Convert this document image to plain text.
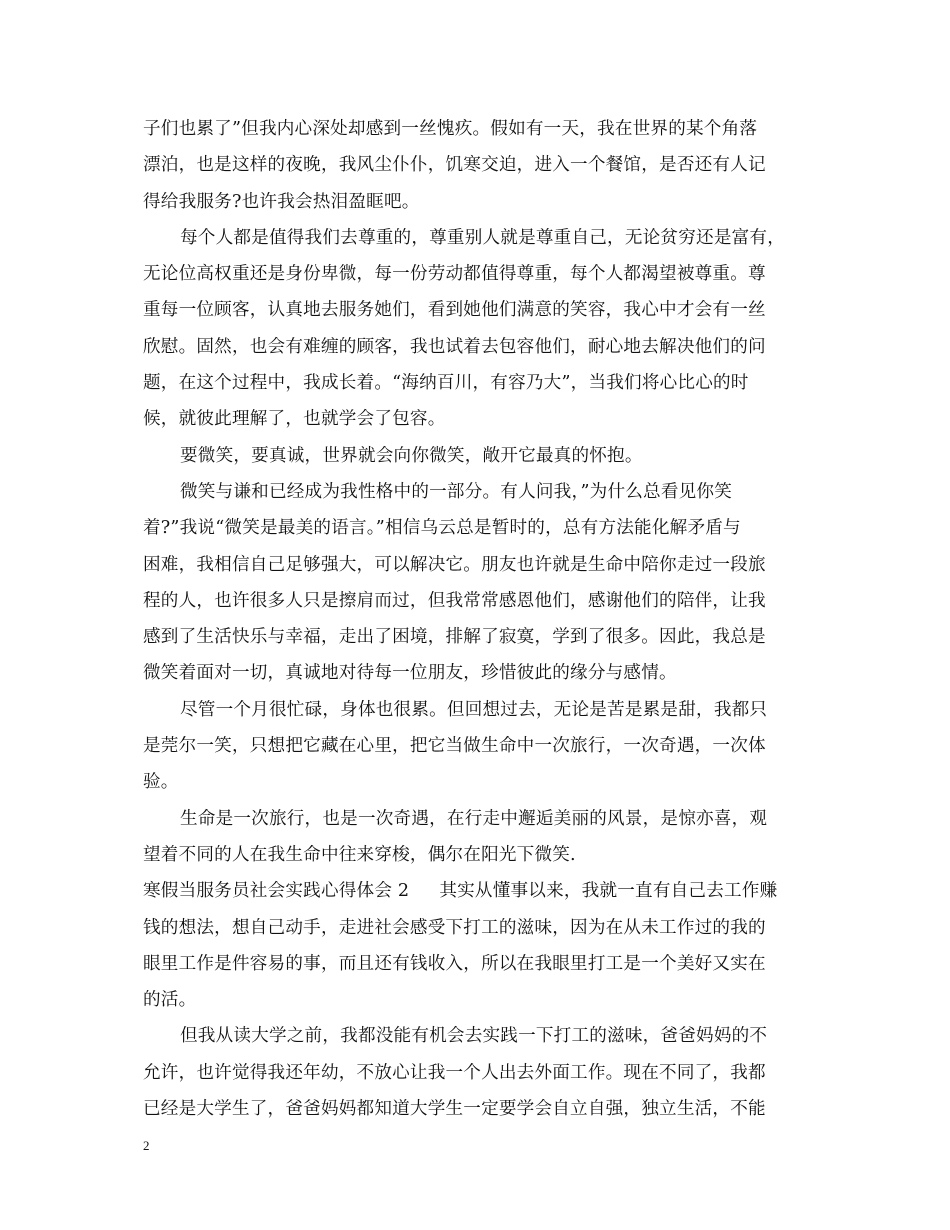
子们也累了”但我内心深处却感到一丝愧疚。假如有一天，我在世界的某个角落
漂泊，也是这样的夜晚，我风尘仆仆，饥寒交迫，进入一个餐馆，是否还有人记
得给我服务?也许我会热泪盈眶吧。
每个人都是值得我们去尊重的，尊重别人就是尊重自己，无论贫穷还是富有，
无论位高权重还是身份卑微，每一份劳动都值得尊重，每个人都渴望被尊重。尊
重每一位顾客，认真地去服务她们，看到她他们满意的笑容，我心中才会有一丝
欣慰。固然，也会有难缠的顾客，我也试着去包容他们，耐心地去解决他们的问
题，在这个过程中，我成长着。“海纳百川，有容乃大”，当我们将心比心的时
候，就彼此理解了，也就学会了包容。
要微笑，要真诚，世界就会向你微笑，敞开它最真的怀抱。
微笑与谦和已经成为我性格中的一部分。有人问我，”为什么总看见你笑
着?”我说“微笑是最美的语言。”相信乌云总是暂时的，总有方法能化解矛盾与
困难，我相信自己足够强大，可以解决它。朋友也许就是生命中陪你走过一段旅
程的人，也许很多人只是擦肩而过，但我常常感恩他们，感谢他们的陪伴，让我
感到了生活快乐与幸福，走出了困境，排解了寂寞，学到了很多。因此，我总是
微笑着面对一切，真诚地对待每一位朋友，珍惜彼此的缘分与感情。
尽管一个月很忙碌，身体也很累。但回想过去，无论是苦是累是甜，我都只
是莞尔一笑，只想把它藏在心里，把它当做生命中一次旅行，一次奇遇，一次体
验。
生命是一次旅行，也是一次奇遇，在行走中邂逅美丽的风景，是惊亦喜，观
望着不同的人在我生命中往来穿梭，偶尔在阳光下微笑.
寒假当服务员社会实践心得体会 2 其实从懂事以来，我就一直有自己去工作赚
钱的想法，想自己动手，走进社会感受下打工的滋味，因为在从未工作过的我的
眼里工作是件容易的事，而且还有钱收入，所以在我眼里打工是一个美好又实在
的活。
但我从读大学之前，我都没能有机会去实践一下打工的滋味，爸爸妈妈的不
允许，也许觉得我还年幼，不放心让我一个人出去外面工作。现在不同了，我都
已经是大学生了，爸爸妈妈都知道大学生一定要学会自立自强，独立生活，不能
2
